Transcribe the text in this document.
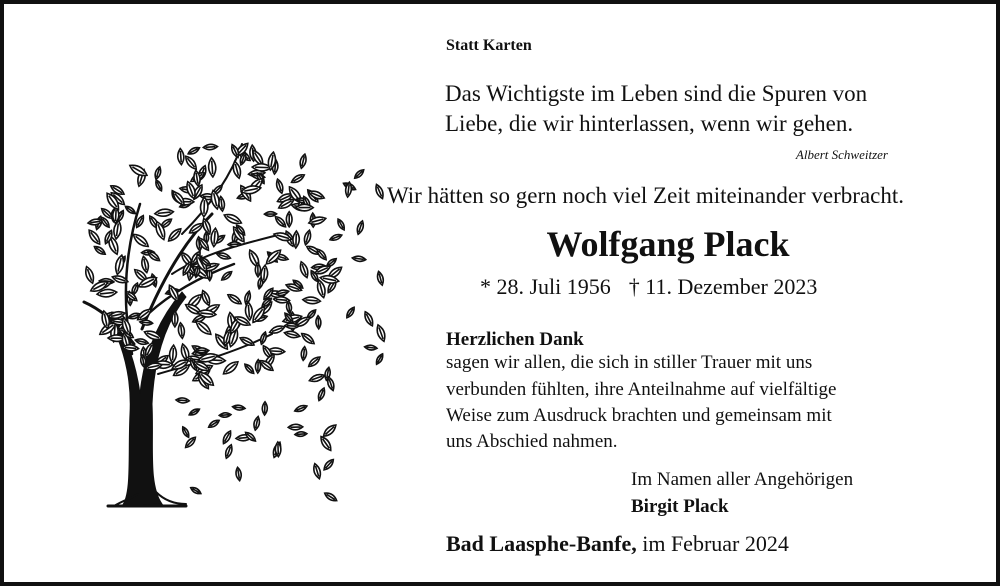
Statt Karten
Das Wichtigste im Leben sind die Spuren von
Liebe, die wir hinterlassen, wenn wir gehen.
Albert Schweitzer
Wir hätten so gern noch viel Zeit miteinander verbracht.
Wolfgang Plack
* 28. Juli 1956 † 11. Dezember 2023
Herzlichen Dank
sagen wir allen, die sich in stiller Trauer mit uns
verbunden fühlten, ihre Anteilnahme auf vielfältige
Weise zum Ausdruck brachten und gemeinsam mit
uns Abschied nahmen.
Im Namen aller Angehörigen
Birgit Plack
Bad Laasphe-Banfe, im Februar 2024
